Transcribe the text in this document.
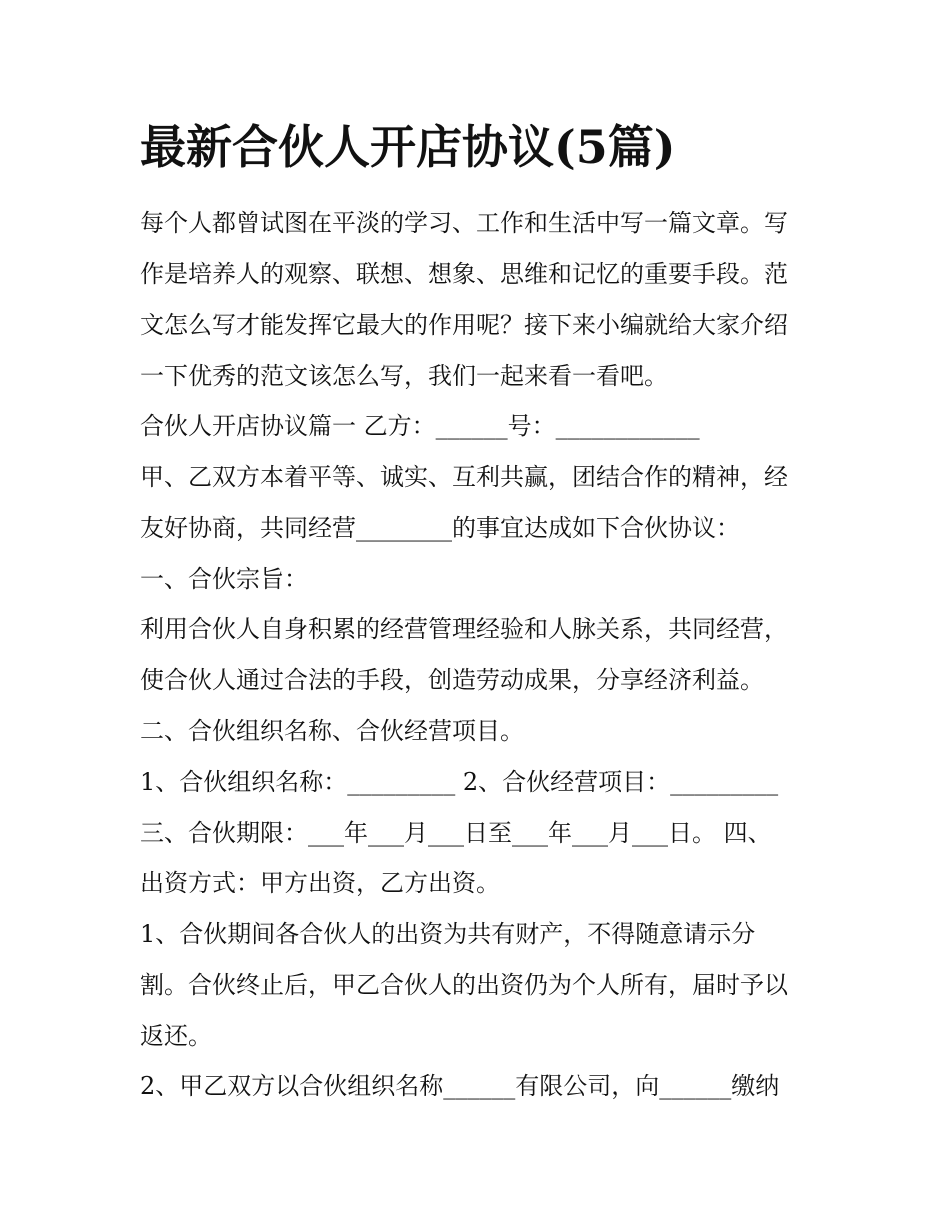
最新合伙人开店协议(5篇)

每个人都曾试图在平淡的学习、工作和生活中写一篇文章。写

作是培养人的观察、联想、想象、思维和记忆的重要手段。范

文怎么写才能发挥它最大的作用呢？接下来小编就给大家介绍

一下优秀的范文该怎么写，我们一起来看一看吧。

合伙人开店协议篇一 乙方：______号：____________

甲、乙双方本着平等、诚实、互利共赢，团结合作的精神，经

友好协商，共同经营________的事宜达成如下合伙协议：

一、合伙宗旨：

利用合伙人自身积累的经营管理经验和人脉关系，共同经营，

使合伙人通过合法的手段，创造劳动成果，分享经济利益。

二、合伙组织名称、合伙经营项目。

1、合伙组织名称：_________ 2、合伙经营项目：_________

三、合伙期限：___年___月___日至___年___月___日。 四、

出资方式：甲方出资，乙方出资。

1、合伙期间各合伙人的出资为共有财产，不得随意请示分

割。合伙终止后，甲乙合伙人的出资仍为个人所有，届时予以

返还。

2、甲乙双方以合伙组织名称______有限公司，向______缴纳
